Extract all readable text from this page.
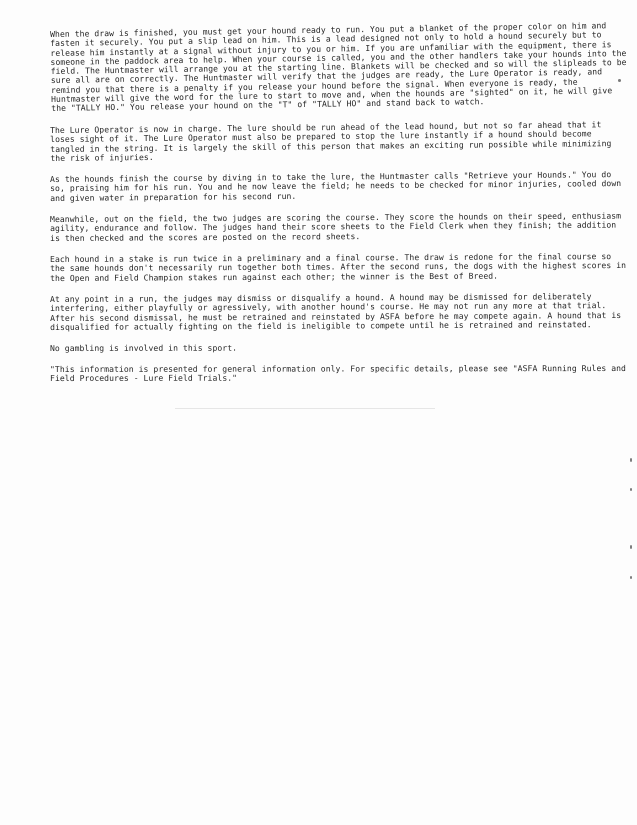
When the draw is finished, you must get your hound ready to run. You put a blanket of the proper color on him and fasten it securely. You put a slip lead on him. This is a lead designed not only to hold a hound securely but to release him instantly at a signal without injury to you or him. If you are unfamiliar with the equipment, there is someone in the paddock area to help. When your course is called, you and the other handlers take your hounds into the field. The Huntmaster will arrange you at the starting line. Blankets will be checked and so will the slipleads to be sure all are on correctly. The Huntmaster will verify that the judges are ready, the Lure Operator is ready, and remind you that there is a penalty if you release your hound before the signal. When everyone is ready, the Huntmaster will give the word for the lure to start to move and, when the hounds are "sighted" on it, he will give the "TALLY HO." You release your hound on the "T" of "TALLY HO" and stand back to watch.

The Lure Operator is now in charge. The lure should be run ahead of the lead hound, but not so far ahead that it loses sight of it. The Lure Operator must also be prepared to stop the lure instantly if a hound should become tangled in the string. It is largely the skill of this person that makes an exciting run possible while minimizing the risk of injuries.

As the hounds finish the course by diving in to take the lure, the Huntmaster calls "Retrieve your Hounds." You do so, praising him for his run. You and he now leave the field; he needs to be checked for minor injuries, cooled down and given water in preparation for his second run.

Meanwhile, out on the field, the two judges are scoring the course. They score the hounds on their speed, enthusiasm agility, endurance and follow. The judges hand their score sheets to the Field Clerk when they finish; the addition is then checked and the scores are posted on the record sheets.

Each hound in a stake is run twice in a preliminary and a final course. The draw is redone for the final course so the same hounds don't necessarily run together both times. After the second runs, the dogs with the highest scores in the Open and Field Champion stakes run against each other; the winner is the Best of Breed.

At any point in a run, the judges may dismiss or disqualify a hound. A hound may be dismissed for deliberately interfering, either playfully or agressively, with another hound's course. He may not run any more at that trial. After his second dismissal, he must be retrained and reinstated by ASFA before he may compete again. A hound that is disqualified for actually fighting on the field is ineligible to compete until he is retrained and reinstated.

No gambling is involved in this sport.

"This information is presented for general information only. For specific details, please see "ASFA Running Rules and Field Procedures - Lure Field Trials."
